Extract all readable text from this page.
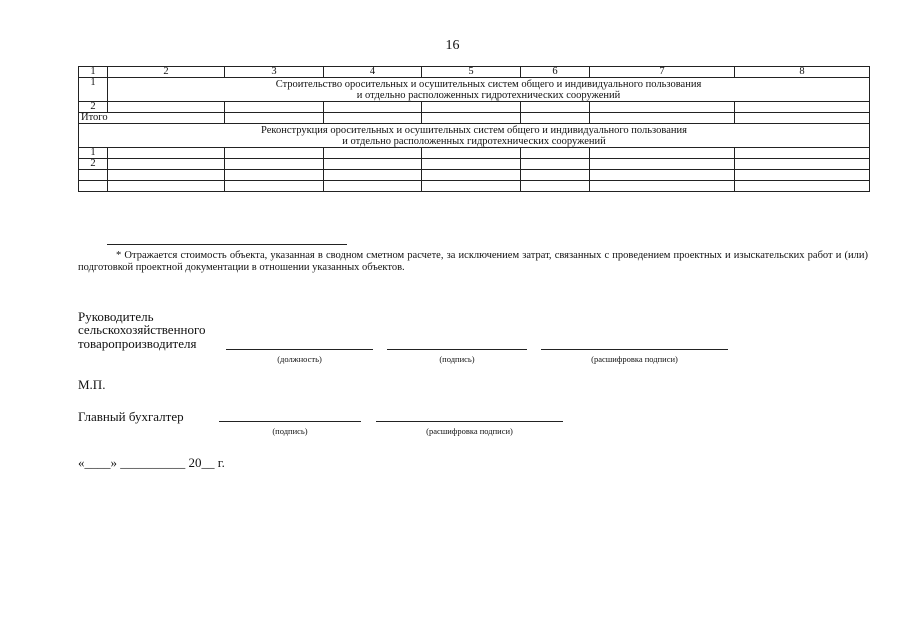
16
1	2	3	4	5	6	7	8
1	Строительство оросительных и осушительных систем общего и индивидуального пользования
и отдельно расположенных гидротехнических сооружений						

2							
Итого							

Реконструкция оросительных и осушительных систем общего и индивидуального пользования
и отдельно расположенных гидротехнических сооружений							

1							
2							

* Отражается стоимость объекта, указанная в сводном сметном расчете, за исключением затрат, связанных с проведением проектных и изыскательских работ и (или) подготовкой проектной документации в отношении указанных объектов.
Руководитель
сельскохозяйственного
товаропроизводителя
(должность)	(подпись)	(расшифровка подписи)
М.П.
Главный бухгалтер
(подпись)	(расшифровка подписи)
«____» __________ 20__ г.
